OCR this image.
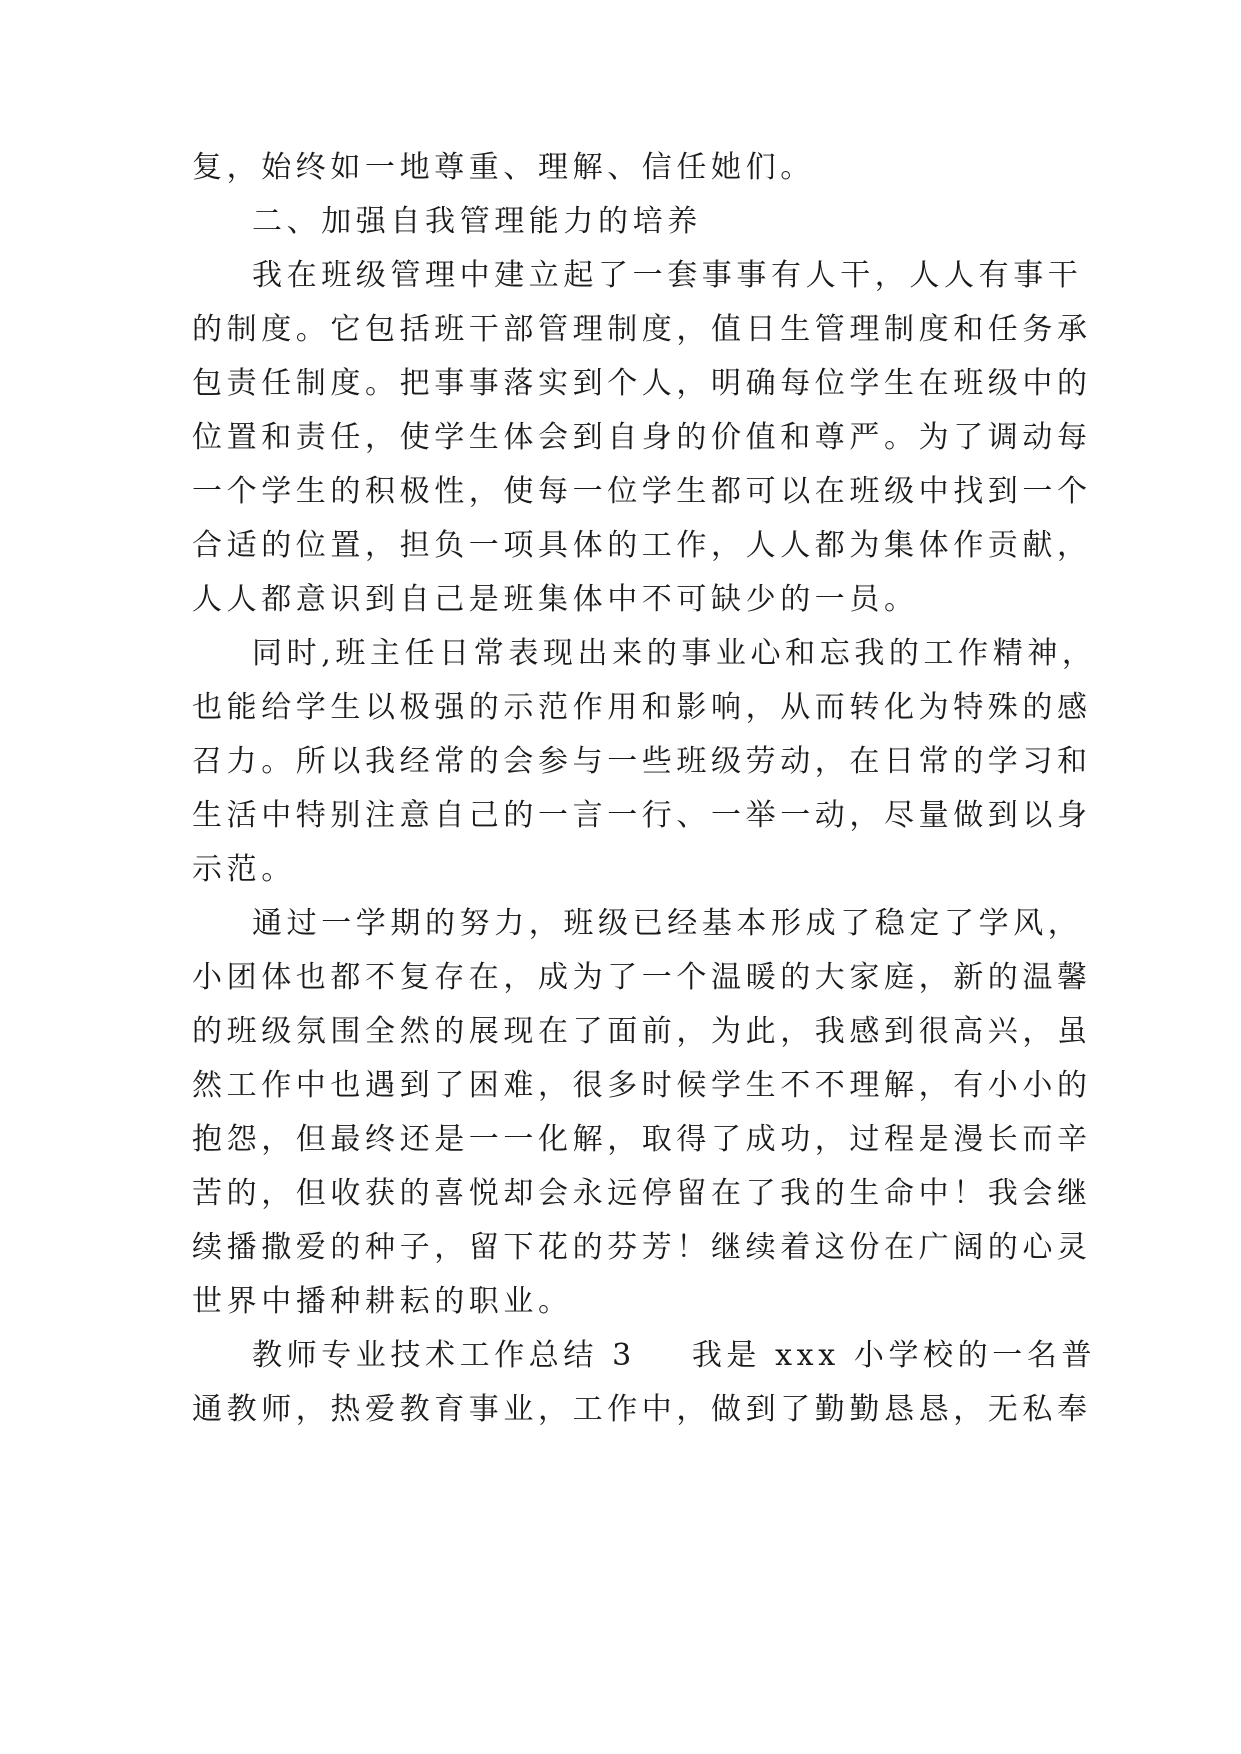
复，始终如一地尊重、理解、信任她们。

二、加强自我管理能力的培养

我在班级管理中建立起了一套事事有人干，人人有事干

的制度。它包括班干部管理制度，值日生管理制度和任务承

包责任制度。把事事落实到个人，明确每位学生在班级中的

位置和责任，使学生体会到自身的价值和尊严。为了调动每

一个学生的积极性，使每一位学生都可以在班级中找到一个

合适的位置，担负一项具体的工作，人人都为集体作贡献，

人人都意识到自己是班集体中不可缺少的一员。

同时,班主任日常表现出来的事业心和忘我的工作精神，

也能给学生以极强的示范作用和影响，从而转化为特殊的感

召力。所以我经常的会参与一些班级劳动，在日常的学习和

生活中特别注意自己的一言一行、一举一动，尽量做到以身

示范。

通过一学期的努力，班级已经基本形成了稳定了学风，

小团体也都不复存在，成为了一个温暖的大家庭，新的温馨

的班级氛围全然的展现在了面前，为此，我感到很高兴，虽

然工作中也遇到了困难，很多时候学生不不理解，有小小的

抱怨，但最终还是一一化解，取得了成功，过程是漫长而辛

苦的，但收获的喜悦却会永远停留在了我的生命中！我会继

续播撒爱的种子，留下花的芬芳！继续着这份在广阔的心灵

世界中播种耕耘的职业。

教师专业技术工作总结 3 我是 xxx 小学校的一名普

通教师，热爱教育事业，工作中，做到了勤勤恳恳，无私奉
